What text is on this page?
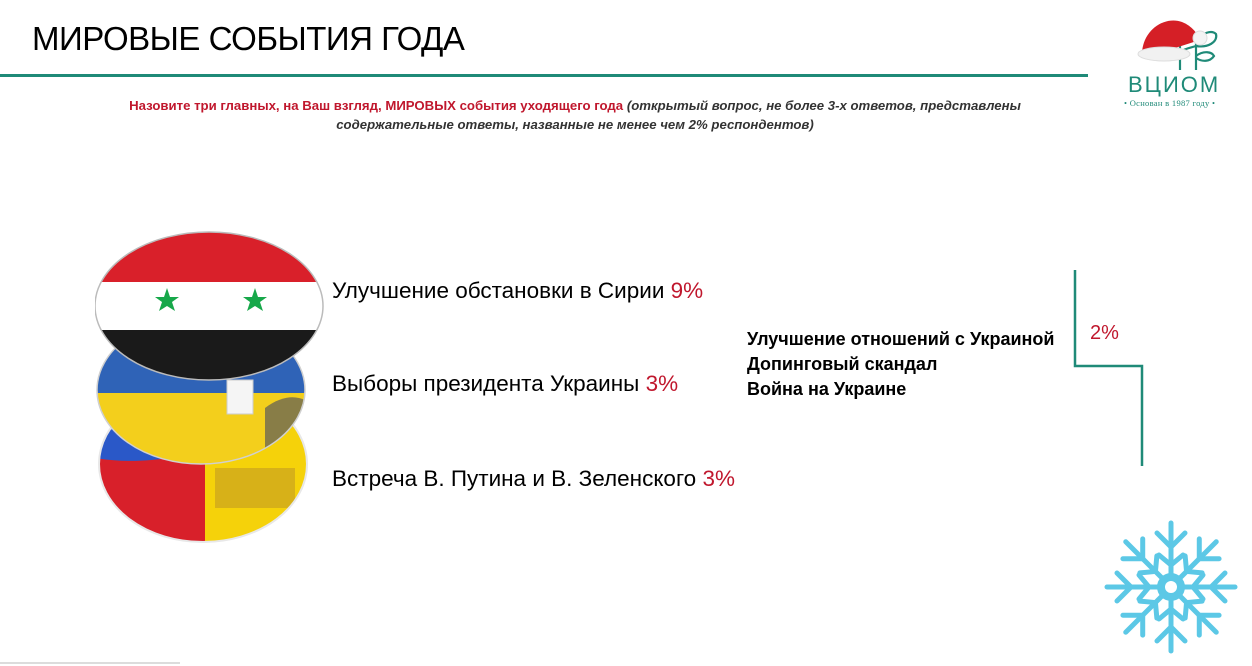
МИРОВЫЕ СОБЫТИЯ ГОДА
Назовите три главных, на Ваш взгляд, МИРОВЫХ события уходящего года (открытый вопрос, не более 3-х ответов, представлены содержательные ответы, названные не менее чем 2% респондентов)
ВЦИОМ
• Основан в 1987 году •
Улучшение обстановки в Сирии 9%
Выборы президента Украины 3%
Встреча В. Путина и В. Зеленского 3%
Улучшение отношений с Украиной
Допинговый скандал
Война на Украине
2%
